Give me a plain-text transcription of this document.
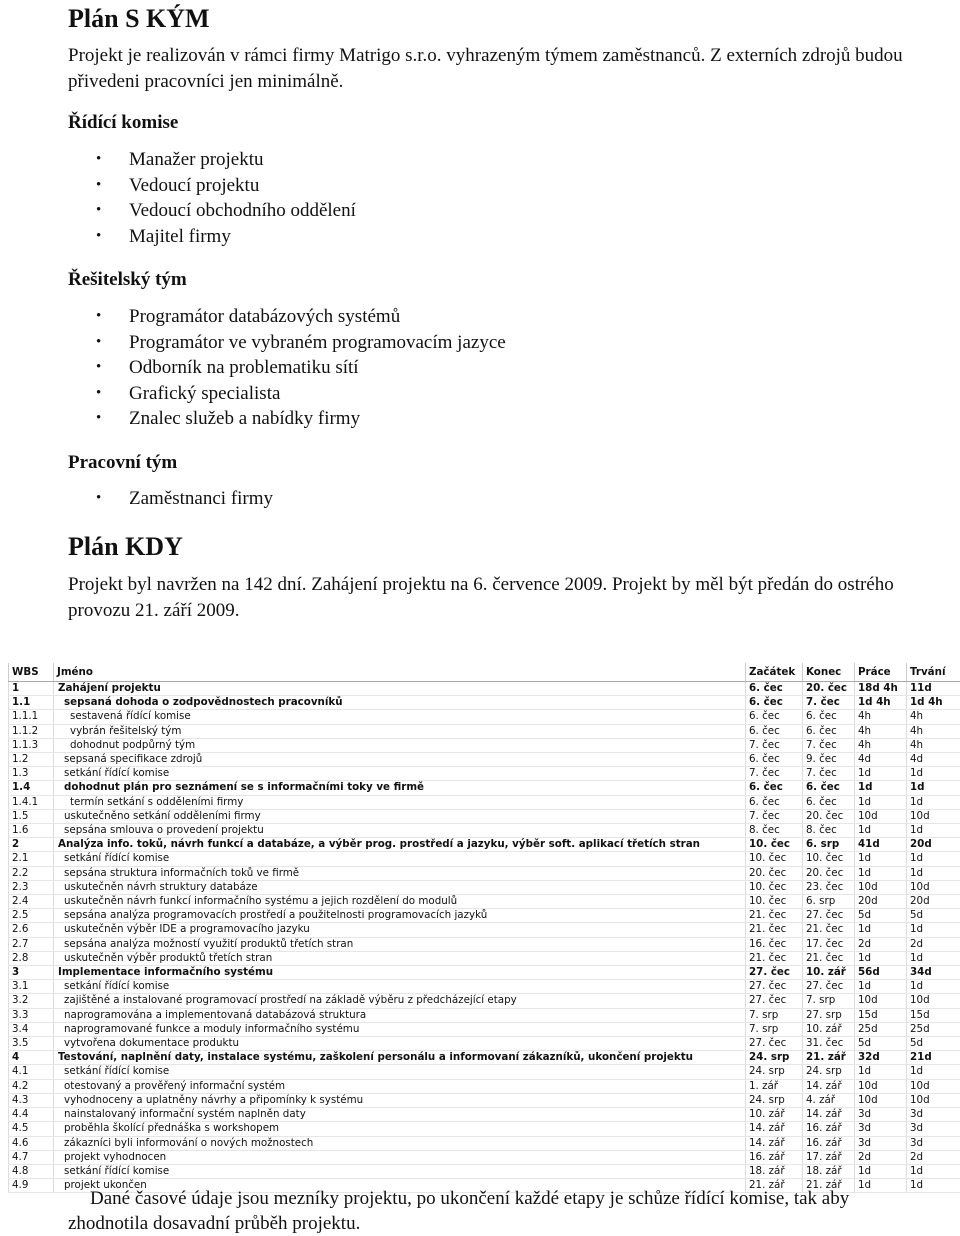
Plán S KÝM

Projekt je realizován v rámci firmy Matrigo s.r.o. vyhrazeným týmem zaměstnanců. Z externích zdrojů budou přivedeni pracovníci jen minimálně.

Řídící komise

• Manažer projektu
• Vedoucí projektu
• Vedoucí obchodního oddělení
• Majitel firmy

Řešitelský tým

• Programátor databázových systémů
• Programátor ve vybraném programovacím jazyce
• Odborník na problematiku sítí
• Grafický specialista
• Znalec služeb a nabídky firmy

Pracovní tým

• Zaměstnanci firmy
Plán KDY

Projekt byl navržen na 142 dní. Zahájení projektu na 6. července 2009. Projekt by měl být předán do ostrého provozu 21. září 2009.

WBS	Jméno	Začátek	Konec	Práce	Trvání
1	Zahájení projektu	6. čec	20. čec	18d 4h	11d
1.1	sepsaná dohoda o zodpovědnostech pracovníků	6. čec	7. čec	1d 4h	1d 4h
1.1.1	sestavená řídící komise	6. čec	6. čec	4h	4h
1.1.2	vybrán řešitelský tým	6. čec	6. čec	4h	4h
1.1.3	dohodnut podpůrný tým	7. čec	7. čec	4h	4h
1.2	sepsaná specifikace zdrojů	6. čec	9. čec	4d	4d
1.3	setkání řídící komise	7. čec	7. čec	1d	1d
1.4	dohodnut plán pro seznámení se s informačními toky ve firmě	6. čec	6. čec	1d	1d
1.4.1	termín setkání s odděleními firmy	6. čec	6. čec	1d	1d
1.5	uskutečněno setkání odděleními firmy	7. čec	20. čec	10d	10d
1.6	sepsána smlouva o provedení projektu	8. čec	8. čec	1d	1d
2	Analýza info. toků, návrh funkcí a databáze, a výběr prog. prostředí a jazyku, výběr soft. aplikací třetích stran	10. čec	6. srp	41d	20d
2.1	setkání řídící komise	10. čec	10. čec	1d	1d
2.2	sepsána struktura informačních toků ve firmě	20. čec	20. čec	1d	1d
2.3	uskutečněn návrh struktury databáze	10. čec	23. čec	10d	10d
2.4	uskutečněn návrh funkcí informačního systému a jejich rozdělení do modulů	10. čec	6. srp	20d	20d
2.5	sepsána analýza programovacích prostředí a použitelnosti programovacích jazyků	21. čec	27. čec	5d	5d
2.6	uskutečněn výběr IDE a programovacího jazyku	21. čec	21. čec	1d	1d
2.7	sepsána analýza možností využití produktů třetích stran	16. čec	17. čec	2d	2d
2.8	uskutečněn výběr produktů třetích stran	21. čec	21. čec	1d	1d
3	Implementace informačního systému	27. čec	10. zář	56d	34d
3.1	setkání řídící komise	27. čec	27. čec	1d	1d
3.2	zajištěné a instalované programovací prostředí na základě výběru z předcházející etapy	27. čec	7. srp	10d	10d
3.3	naprogramována a implementovaná databázová struktura	7. srp	27. srp	15d	15d
3.4	naprogramované funkce a moduly informačního systému	7. srp	10. zář	25d	25d
3.5	vytvořena dokumentace produktu	27. čec	31. čec	5d	5d
4	Testování, naplnění daty, instalace systému, zaškolení personálu a informovaní zákazníků, ukončení projektu	24. srp	21. zář	32d	21d
4.1	setkání řídící komise	24. srp	24. srp	1d	1d
4.2	otestovaný a prověřený informační systém	1. zář	14. zář	10d	10d
4.3	vyhodnoceny a uplatněny návrhy a připomínky k systému	24. srp	4. zář	10d	10d
4.4	nainstalovaný informační systém naplněn daty	10. zář	14. zář	3d	3d
4.5	proběhla školící přednáška s workshopem	14. zář	16. zář	3d	3d
4.6	zákazníci byli informování o nových možnostech	14. zář	16. zář	3d	3d
4.7	projekt vyhodnocen	16. zář	17. zář	2d	2d
4.8	setkání řídící komise	18. zář	18. zář	1d	1d
4.9	projekt ukončen	21. zář	21. zář	1d	1d

Dané časové údaje jsou mezníky projektu, po ukončení každé etapy je schůze řídící komise, tak aby zhodnotila dosavadní průběh projektu.
